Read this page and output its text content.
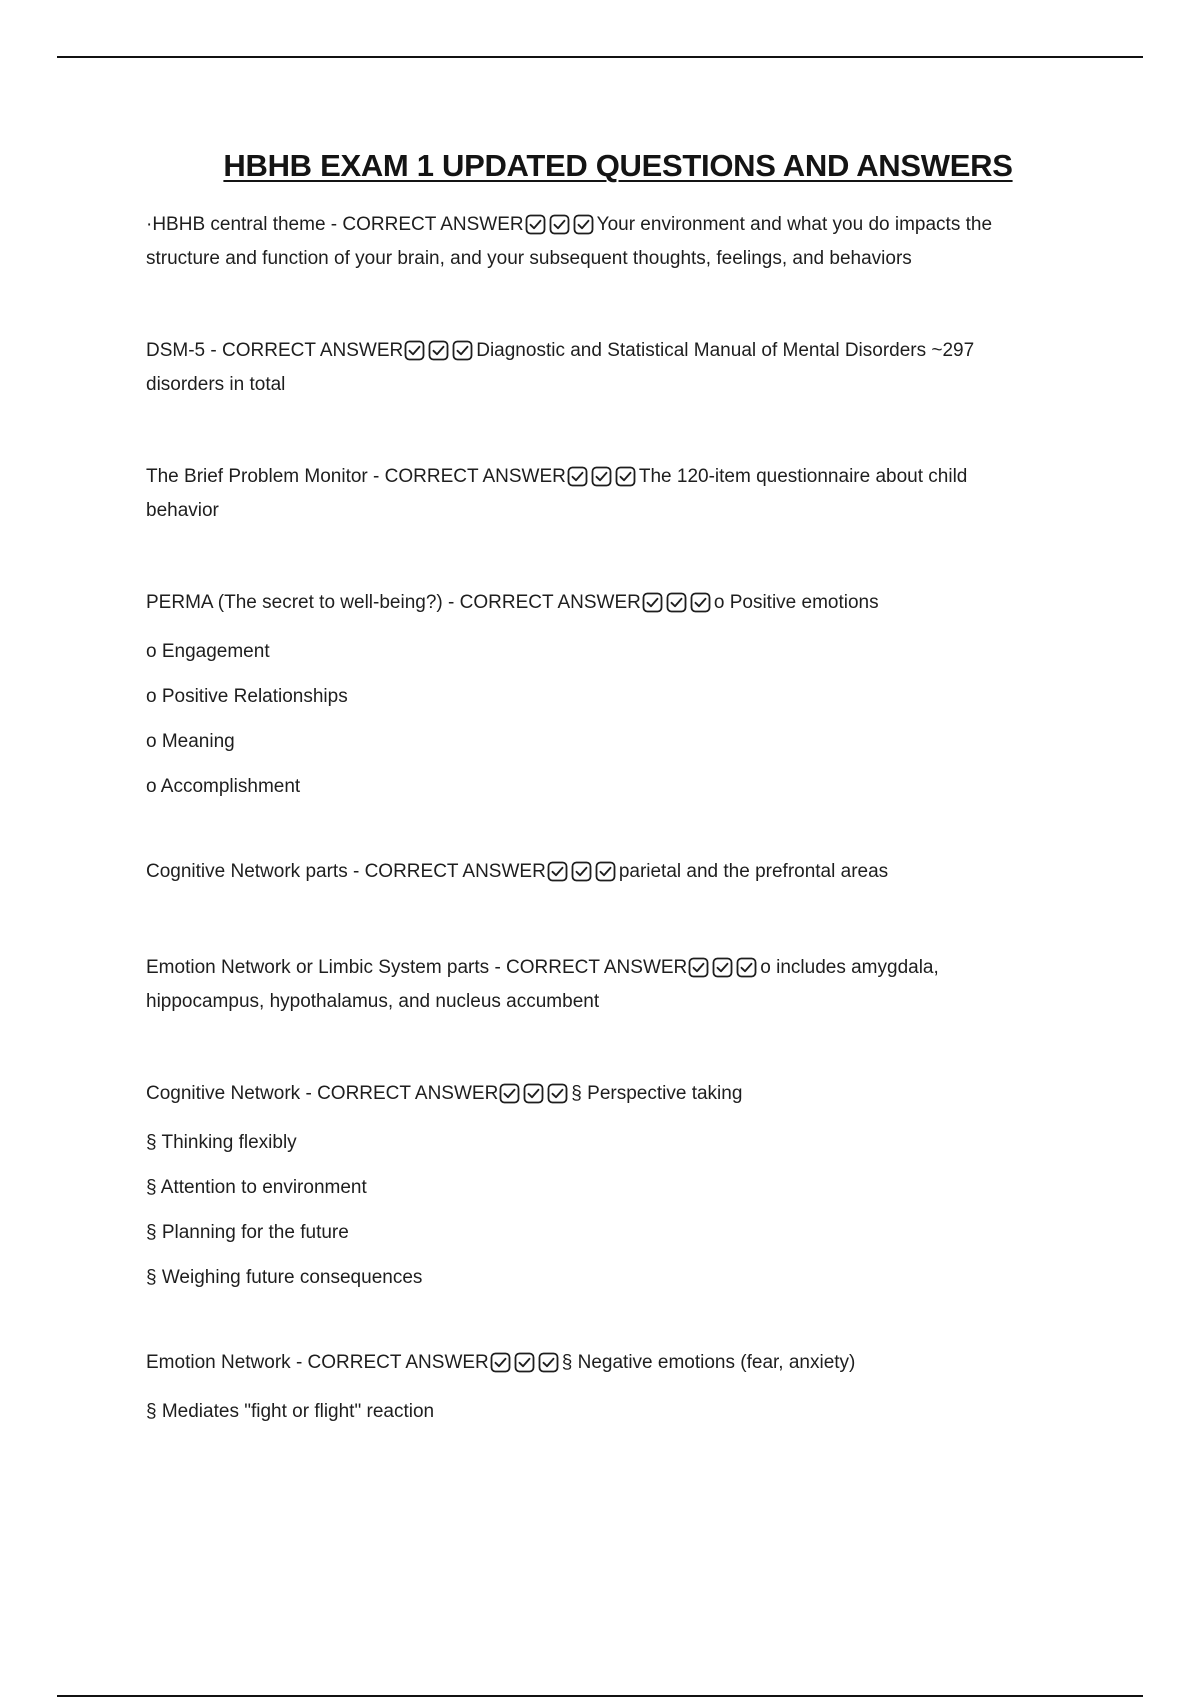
HBHB EXAM 1 UPDATED QUESTIONS AND ANSWERS
·HBHB central theme - CORRECT ANSWER	Your environment and what you do impacts the
structure and function of your brain, and your subsequent thoughts, feelings, and behaviors
DSM-5 - CORRECT ANSWER	Diagnostic and Statistical Manual of Mental Disorders ~297
disorders in total
The Brief Problem Monitor - CORRECT ANSWER	The 120-item questionnaire about child
behavior
PERMA (The secret to well-being?) - CORRECT ANSWER	o Positive emotions
o Engagement
o Positive Relationships
o Meaning
o Accomplishment
Cognitive Network parts - CORRECT ANSWER	parietal and the prefrontal areas
Emotion Network or Limbic System parts - CORRECT ANSWER	o includes amygdala,
hippocampus, hypothalamus, and nucleus accumbent
Cognitive Network - CORRECT ANSWER	§ Perspective taking
§ Thinking flexibly
§ Attention to environment
§ Planning for the future
§ Weighing future consequences
Emotion Network - CORRECT ANSWER	§ Negative emotions (fear, anxiety)
§ Mediates "fight or flight" reaction
